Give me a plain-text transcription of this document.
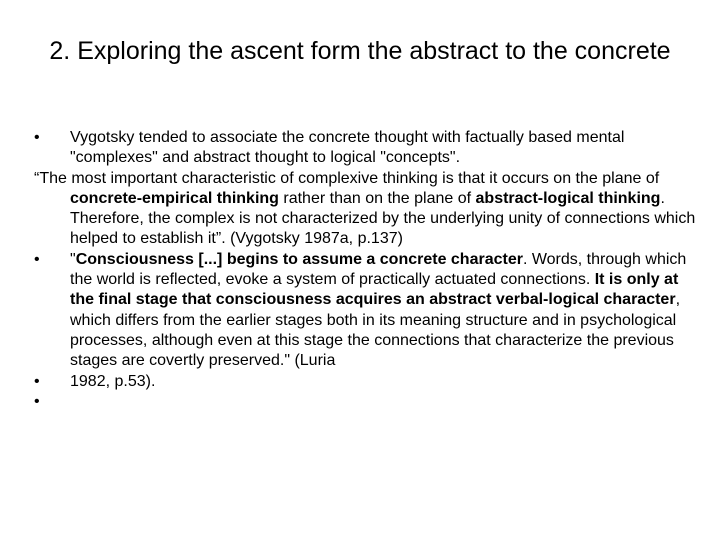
2. Exploring the ascent form the abstract to the concrete

• Vygotsky tended to associate the concrete thought with factually based mental "complexes" and abstract thought to logical "concepts".

“The most important characteristic of complexive thinking is that it occurs on the plane of concrete-empirical thinking rather than on the plane of abstract-logical thinking. Therefore, the complex is not characterized by the underlying unity of connections which helped to establish it”. (Vygotsky 1987a, p.137)

• "Consciousness [...] begins to assume a concrete character. Words, through which the world is reflected, evoke a system of practically actuated connections. It is only at the final stage that consciousness acquires an abstract verbal-logical character, which differs from the earlier stages both in its meaning structure and in psychological processes, although even at this stage the connections that characterize the previous stages are covertly preserved." (Luria

• 1982, p.53).

•
